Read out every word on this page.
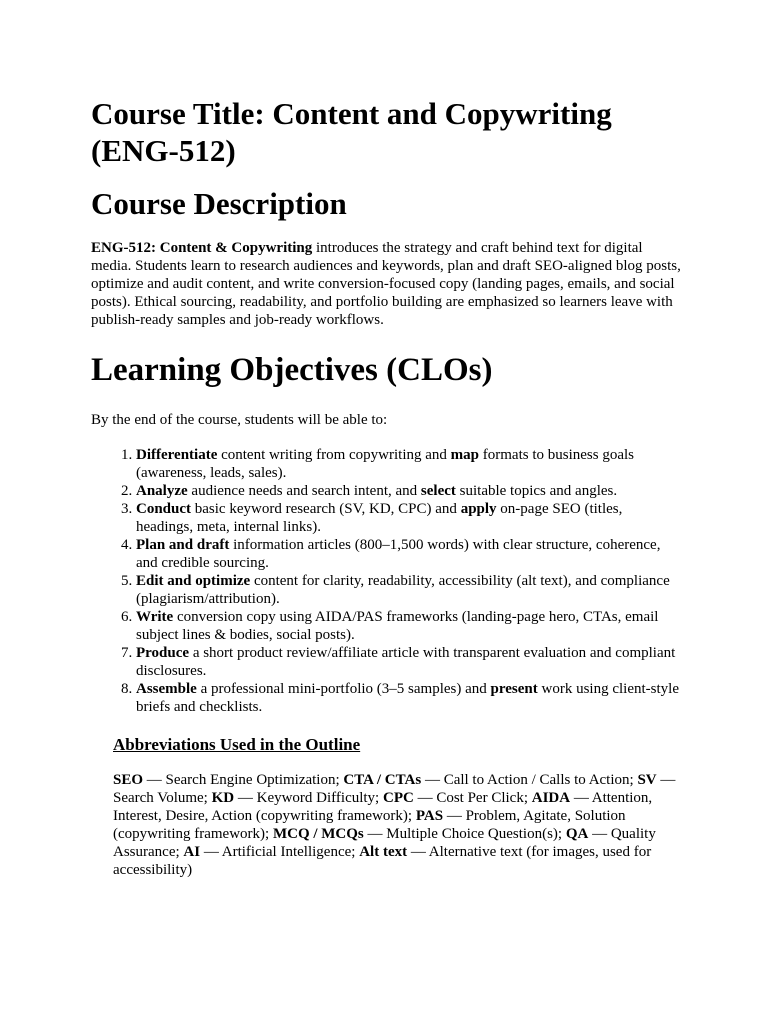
Course Title: Content and Copywriting (ENG-512)
Course Description

ENG-512: Content & Copywriting introduces the strategy and craft behind text for digital media. Students learn to research audiences and keywords, plan and draft SEO-aligned blog posts, optimize and audit content, and write conversion-focused copy (landing pages, emails, and social posts). Ethical sourcing, readability, and portfolio building are emphasized so learners leave with publish-ready samples and job-ready workflows.

Learning Objectives (CLOs)

By the end of the course, students will be able to:

1. Differentiate content writing from copywriting and map formats to business goals (awareness, leads, sales).
2. Analyze audience needs and search intent, and select suitable topics and angles.
3. Conduct basic keyword research (SV, KD, CPC) and apply on-page SEO (titles, headings, meta, internal links).
4. Plan and draft information articles (800–1,500 words) with clear structure, coherence, and credible sourcing.
5. Edit and optimize content for clarity, readability, accessibility (alt text), and compliance (plagiarism/attribution).
6. Write conversion copy using AIDA/PAS frameworks (landing-page hero, CTAs, email subject lines & bodies, social posts).
7. Produce a short product review/affiliate article with transparent evaluation and compliant disclosures.
8. Assemble a professional mini-portfolio (3–5 samples) and present work using client-style briefs and checklists.
Abbreviations Used in the Outline

SEO — Search Engine Optimization; CTA / CTAs — Call to Action / Calls to Action; SV — Search Volume; KD — Keyword Difficulty; CPC — Cost Per Click; AIDA — Attention, Interest, Desire, Action (copywriting framework); PAS — Problem, Agitate, Solution (copywriting framework); MCQ / MCQs — Multiple Choice Question(s); QA — Quality Assurance; AI — Artificial Intelligence; Alt text — Alternative text (for images, used for accessibility)
